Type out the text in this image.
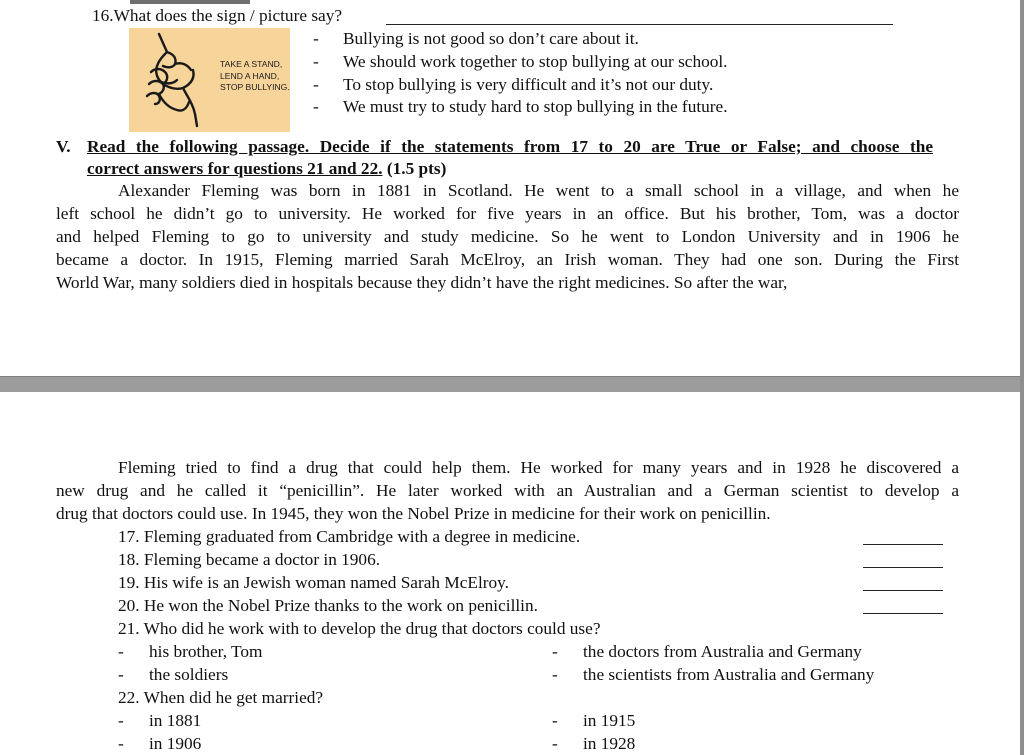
16.What does the sign / picture say?
TAKE A STAND,
LEND A HAND,
STOP BULLYING.
- Bullying is not good so don’t care about it.
- We should work together to stop bullying at our school.
- To stop bullying is very difficult and it’s not our duty.
- We must try to study hard to stop bullying in the future.
V. Read the following passage. Decide if the statements from 17 to 20 are True or False; and choose the
correct answers for questions 21 and 22. (1.5 pts)
Alexander Fleming was born in 1881 in Scotland. He went to a small school in a village, and when he
left school he didn’t go to university. He worked for five years in an office. But his brother, Tom, was a doctor
and helped Fleming to go to university and study medicine. So he went to London University and in 1906 he
became a doctor. In 1915, Fleming married Sarah McElroy, an Irish woman. They had one son. During the First
World War, many soldiers died in hospitals because they didn’t have the right medicines. So after the war,
Fleming tried to find a drug that could help them. He worked for many years and in 1928 he discovered a
new drug and he called it “penicillin”. He later worked with an Australian and a German scientist to develop a
drug that doctors could use. In 1945, they won the Nobel Prize in medicine for their work on penicillin.
17. Fleming graduated from Cambridge with a degree in medicine.
18. Fleming became a doctor in 1906.
19. His wife is an Jewish woman named Sarah McElroy.
20. He won the Nobel Prize thanks to the work on penicillin.
21. Who did he work with to develop the drug that doctors could use?
- his brother, Tom	- the doctors from Australia and Germany
- the soldiers	- the scientists from Australia and Germany
22. When did he get married?
- in 1881	- in 1915
- in 1906	- in 1928
